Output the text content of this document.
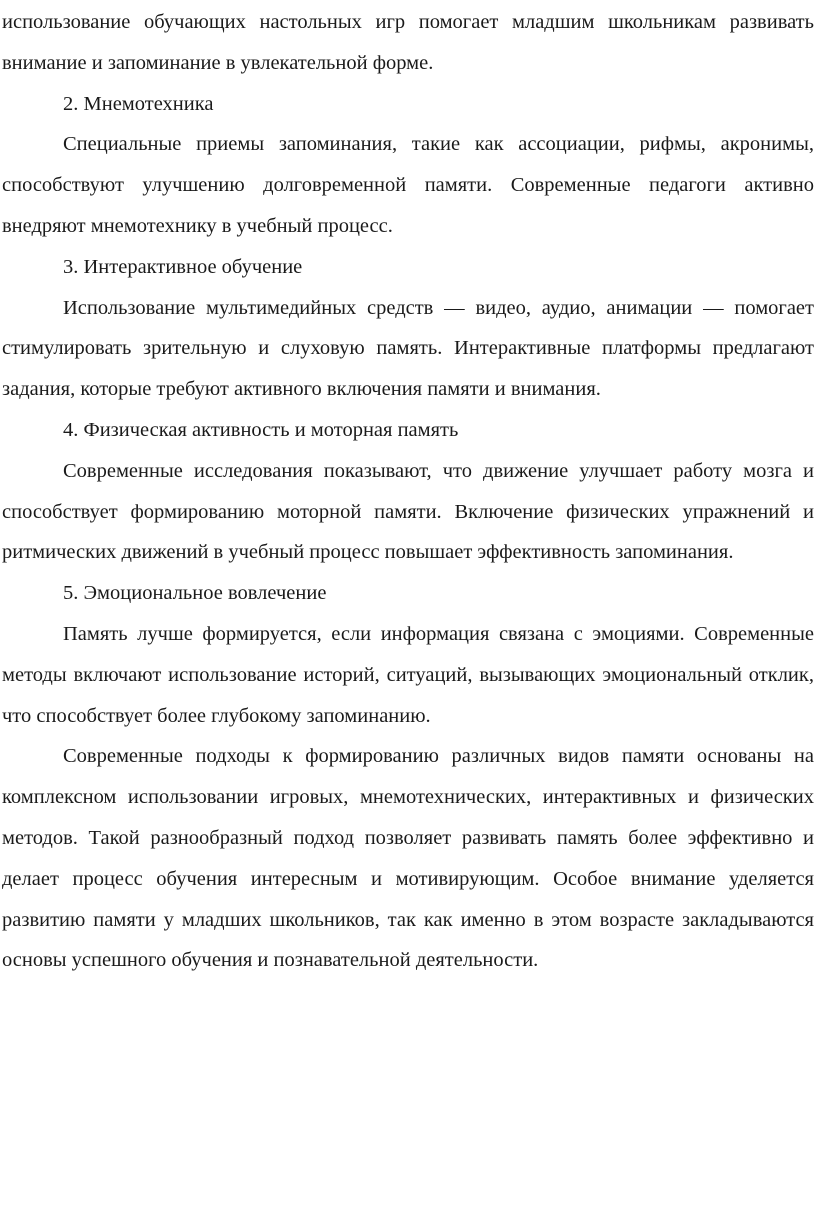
использование обучающих настольных игр помогает младшим школьникам развивать внимание и запоминание в увлекательной форме.

2. Мнемотехника

Специальные приемы запоминания, такие как ассоциации, рифмы, акронимы, способствуют улучшению долговременной памяти. Современные педагоги активно внедряют мнемотехнику в учебный процесс.

3. Интерактивное обучение

Использование мультимедийных средств — видео, аудио, анимации — помогает стимулировать зрительную и слуховую память. Интерактивные платформы предлагают задания, которые требуют активного включения памяти и внимания.

4. Физическая активность и моторная память

Современные исследования показывают, что движение улучшает работу мозга и способствует формированию моторной памяти. Включение физических упражнений и ритмических движений в учебный процесс повышает эффективность запоминания.

5. Эмоциональное вовлечение

Память лучше формируется, если информация связана с эмоциями. Современные методы включают использование историй, ситуаций, вызывающих эмоциональный отклик, что способствует более глубокому запоминанию.

Современные подходы к формированию различных видов памяти основаны на комплексном использовании игровых, мнемотехнических, интерактивных и физических методов. Такой разнообразный подход позволяет развивать память более эффективно и делает процесс обучения интересным и мотивирующим. Особое внимание уделяется развитию памяти у младших школьников, так как именно в этом возрасте закладываются основы успешного обучения и познавательной деятельности.
